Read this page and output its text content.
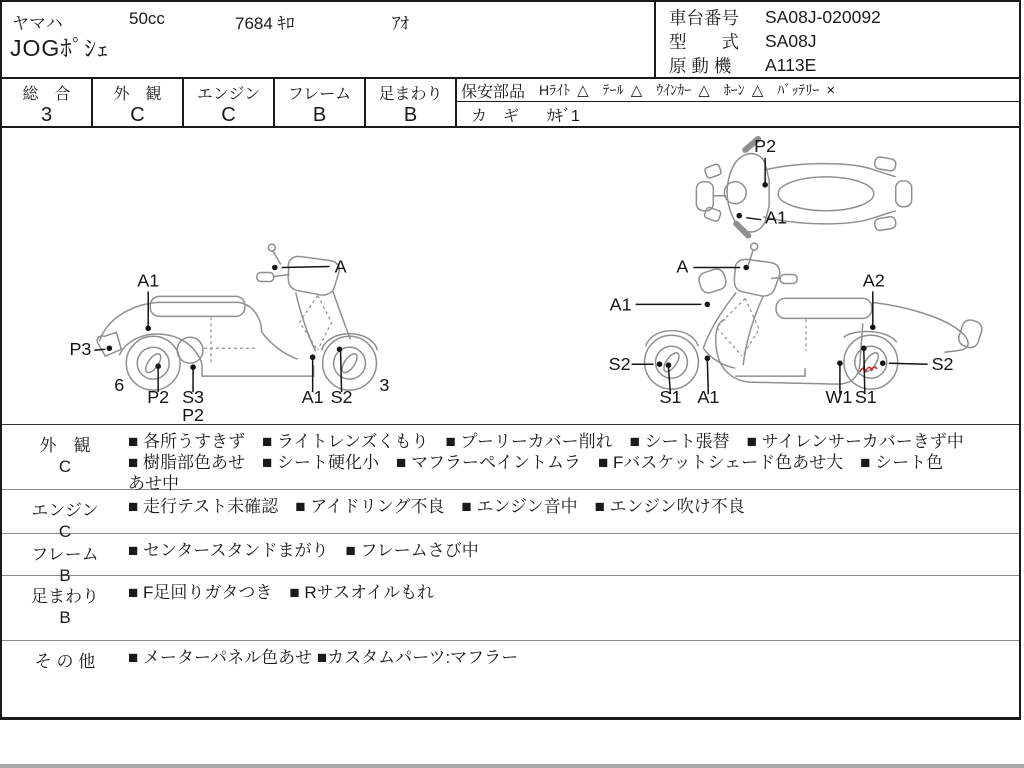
ヤマハ	50cc	7684 ｷﾛ	ｱｵ
JOGﾎﾟｼｪ
車台番号	SA08J-020092
型　　式	SA08J
原 動 機	A113E
総　合
3
外　観
C
エンジン
C
フレーム
B
足まわり
B
保安部品 Hﾗｲﾄ △ ﾃｰﾙ △ ｳｲﾝｶｰ △ ﾎｰﾝ △ ﾊﾞｯﾃﾘｰ ×
カ　ギ ｶｷﾞ1
P2
A1
A1
A
P3
6
P2 S3
P2
A1 S2
3
A
A1
A2
S2
S1 A1	W1 S1
S2
外　観
C
■ 各所うすきず　■ ライトレンズくもり　■ プーリーカバー削れ　■ シート張替　■ サイレンサーカバーきず中
■ 樹脂部色あせ　■ シート硬化小　■ マフラーペイントムラ　■ Fバスケットシェード色あせ大　■ シート色
あせ中
エンジン
C
■ 走行テスト未確認　■ アイドリング不良　■ エンジン音中　■ エンジン吹け不良
フレーム
B
■ センタースタンドまがり　■ フレームさび中
足まわり
B
■ F足回りガタつき　■ Rサスオイルもれ
そ の 他	■ メーターパネル色あせ ■カスタムパーツ:マフラー
